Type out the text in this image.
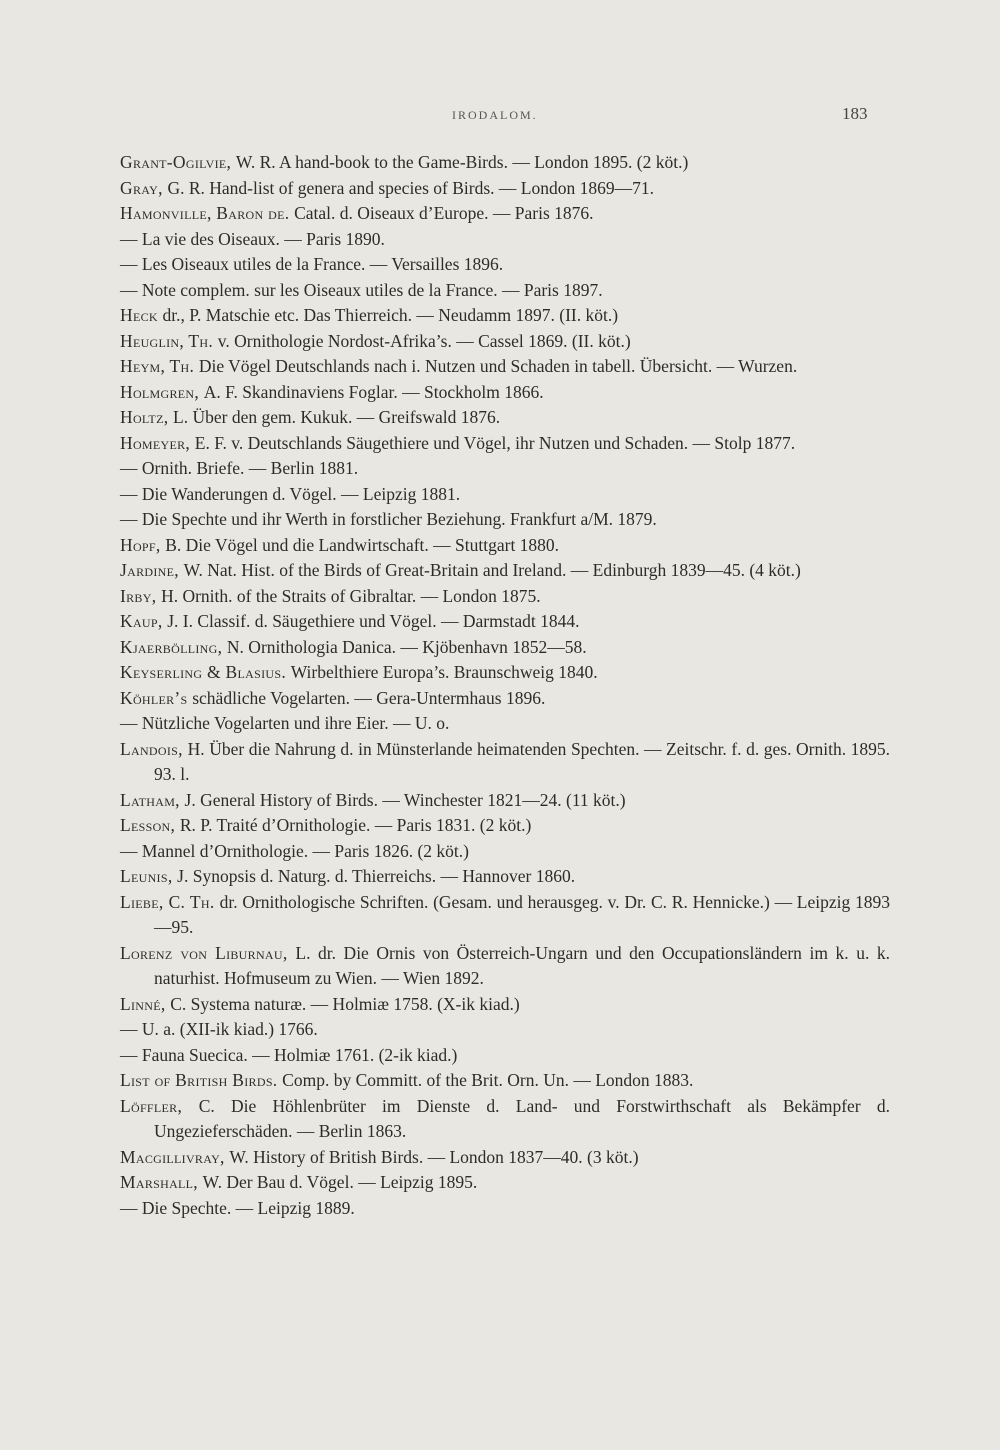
IRODALOM.	183
Grant-Ogilvie, W. R. A hand-book to the Game-Birds. — London 1895. (2 köt.)
Gray, G. R. Hand-list of genera and species of Birds. — London 1869—71.
Hamonville, Baron de. Catal. d. Oiseaux d’Europe. — Paris 1876.
— La vie des Oiseaux. — Paris 1890.
— Les Oiseaux utiles de la France. — Versailles 1896.
— Note complem. sur les Oiseaux utiles de la France. — Paris 1897.
Heck dr., P. Matschie etc. Das Thierreich. — Neudamm 1897. (II. köt.)
Heuglin, Th. v. Ornithologie Nordost-Afrika’s. — Cassel 1869. (II. köt.)
Heym, Th. Die Vögel Deutschlands nach i. Nutzen und Schaden in tabell. Übersicht. — Wurzen.
Holmgren, A. F. Skandinaviens Foglar. — Stockholm 1866.
Holtz, L. Über den gem. Kukuk. — Greifswald 1876.
Homeyer, E. F. v. Deutschlands Säugethiere und Vögel, ihr Nutzen und Schaden. — Stolp 1877.
— Ornith. Briefe. — Berlin 1881.
— Die Wanderungen d. Vögel. — Leipzig 1881.
— Die Spechte und ihr Werth in forstlicher Beziehung. Frankfurt a/M. 1879.
Hopf, B. Die Vögel und die Landwirtschaft. — Stuttgart 1880.
Jardine, W. Nat. Hist. of the Birds of Great-Britain and Ireland. — Edinburgh 1839—45. (4 köt.)
Irby, H. Ornith. of the Straits of Gibraltar. — London 1875.
Kaup, J. I. Classif. d. Säugethiere und Vögel. — Darmstadt 1844.
Kjaerbölling, N. Ornithologia Danica. — Kjöbenhavn 1852—58.
Keyserling & Blasius. Wirbelthiere Europa’s. Braunschweig 1840.
Köhler’s schädliche Vogelarten. — Gera-Untermhaus 1896.
— Nützliche Vogelarten und ihre Eier. — U. o.
Landois, H. Über die Nahrung d. in Münsterlande heimatenden Spechten. — Zeitschr. f. d. ges. Ornith. 1895. 93. l.
Latham, J. General History of Birds. — Winchester 1821—24. (11 köt.)
Lesson, R. P. Traité d’Ornithologie. — Paris 1831. (2 köt.)
— Mannel d’Ornithologie. — Paris 1826. (2 köt.)
Leunis, J. Synopsis d. Naturg. d. Thierreichs. — Hannover 1860.
Liebe, C. Th. dr. Ornithologische Schriften. (Gesam. und herausgeg. v. Dr. C. R. Hennicke.) — Leipzig 1893—95.
Lorenz von Liburnau, L. dr. Die Ornis von Österreich-Ungarn und den Occupationsländern im k. u. k. naturhist. Hofmuseum zu Wien. — Wien 1892.
Linné, C. Systema naturæ. — Holmiæ 1758. (X-ik kiad.)
— U. a. (XII-ik kiad.) 1766.
— Fauna Suecica. — Holmiæ 1761. (2-ik kiad.)
List of British Birds. Comp. by Committ. of the Brit. Orn. Un. — London 1883.
Löffler, C. Die Höhlenbrüter im Dienste d. Land- und Forstwirthschaft als Bekämpfer d. Ungezieferschäden. — Berlin 1863.
Macgillivray, W. History of British Birds. — London 1837—40. (3 köt.)
Marshall, W. Der Bau d. Vögel. — Leipzig 1895.
— Die Spechte. — Leipzig 1889.
